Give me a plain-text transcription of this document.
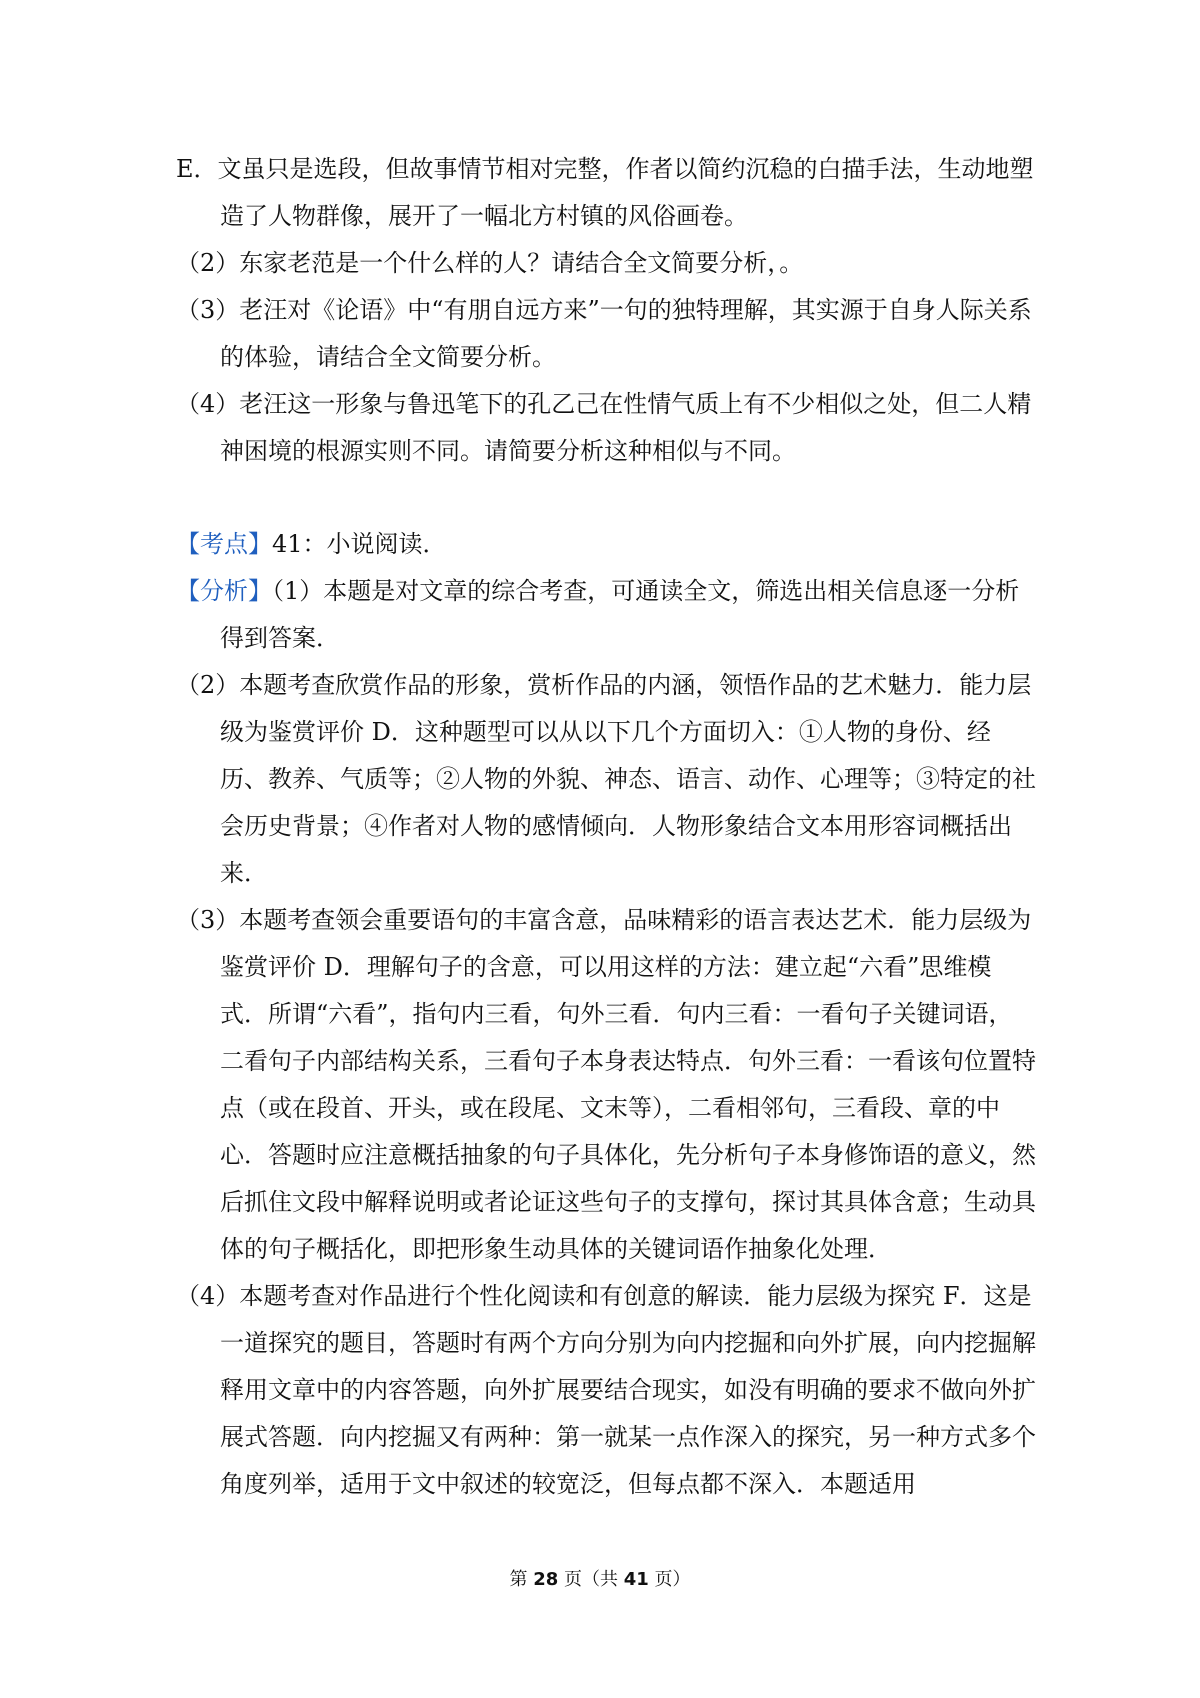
E．文虽只是选段，但故事情节相对完整，作者以简约沉稳的白描手法，生动地塑造了人物群像，展开了一幅北方村镇的风俗画卷。

（2）东家老范是一个什么样的人？请结合全文简要分析，。

（3）老汪对《论语》中“有朋自远方来”一句的独特理解，其实源于自身人际关系的体验，请结合全文简要分析。

（4）老汪这一形象与鲁迅笔下的孔乙己在性情气质上有不少相似之处，但二人精神困境的根源实则不同。请简要分析这种相似与不同。

【考点】41：小说阅读．

【分析】（1）本题是对文章的综合考查，可通读全文，筛选出相关信息逐一分析得到答案．

（2）本题考查欣赏作品的形象，赏析作品的内涵，领悟作品的艺术魅力．能力层级为鉴赏评价 D．这种题型可以从以下几个方面切入：①人物的身份、经历、教养、气质等；②人物的外貌、神态、语言、动作、心理等；③特定的社会历史背景；④作者对人物的感情倾向．人物形象结合文本用形容词概括出来．

（3）本题考查领会重要语句的丰富含意，品味精彩的语言表达艺术．能力层级为鉴赏评价 D．理解句子的含意，可以用这样的方法：建立起“六看”思维模式．所谓“六看”，指句内三看，句外三看．句内三看：一看句子关键词语，二看句子内部结构关系，三看句子本身表达特点．句外三看：一看该句位置特点（或在段首、开头，或在段尾、文末等），二看相邻句，三看段、章的中心．答题时应注意概括抽象的句子具体化，先分析句子本身修饰语的意义，然后抓住文段中解释说明或者论证这些句子的支撑句，探讨其具体含意；生动具体的句子概括化，即把形象生动具体的关键词语作抽象化处理．

（4）本题考查对作品进行个性化阅读和有创意的解读．能力层级为探究 F．这是一道探究的题目，答题时有两个方向分别为向内挖掘和向外扩展，向内挖掘解释用文章中的内容答题，向外扩展要结合现实，如没有明确的要求不做向外扩展式答题．向内挖掘又有两种：第一就某一点作深入的探究，另一种方式多个角度列举，适用于文中叙述的较宽泛，但每点都不深入．本题适用

第 28 页（共 41 页）
